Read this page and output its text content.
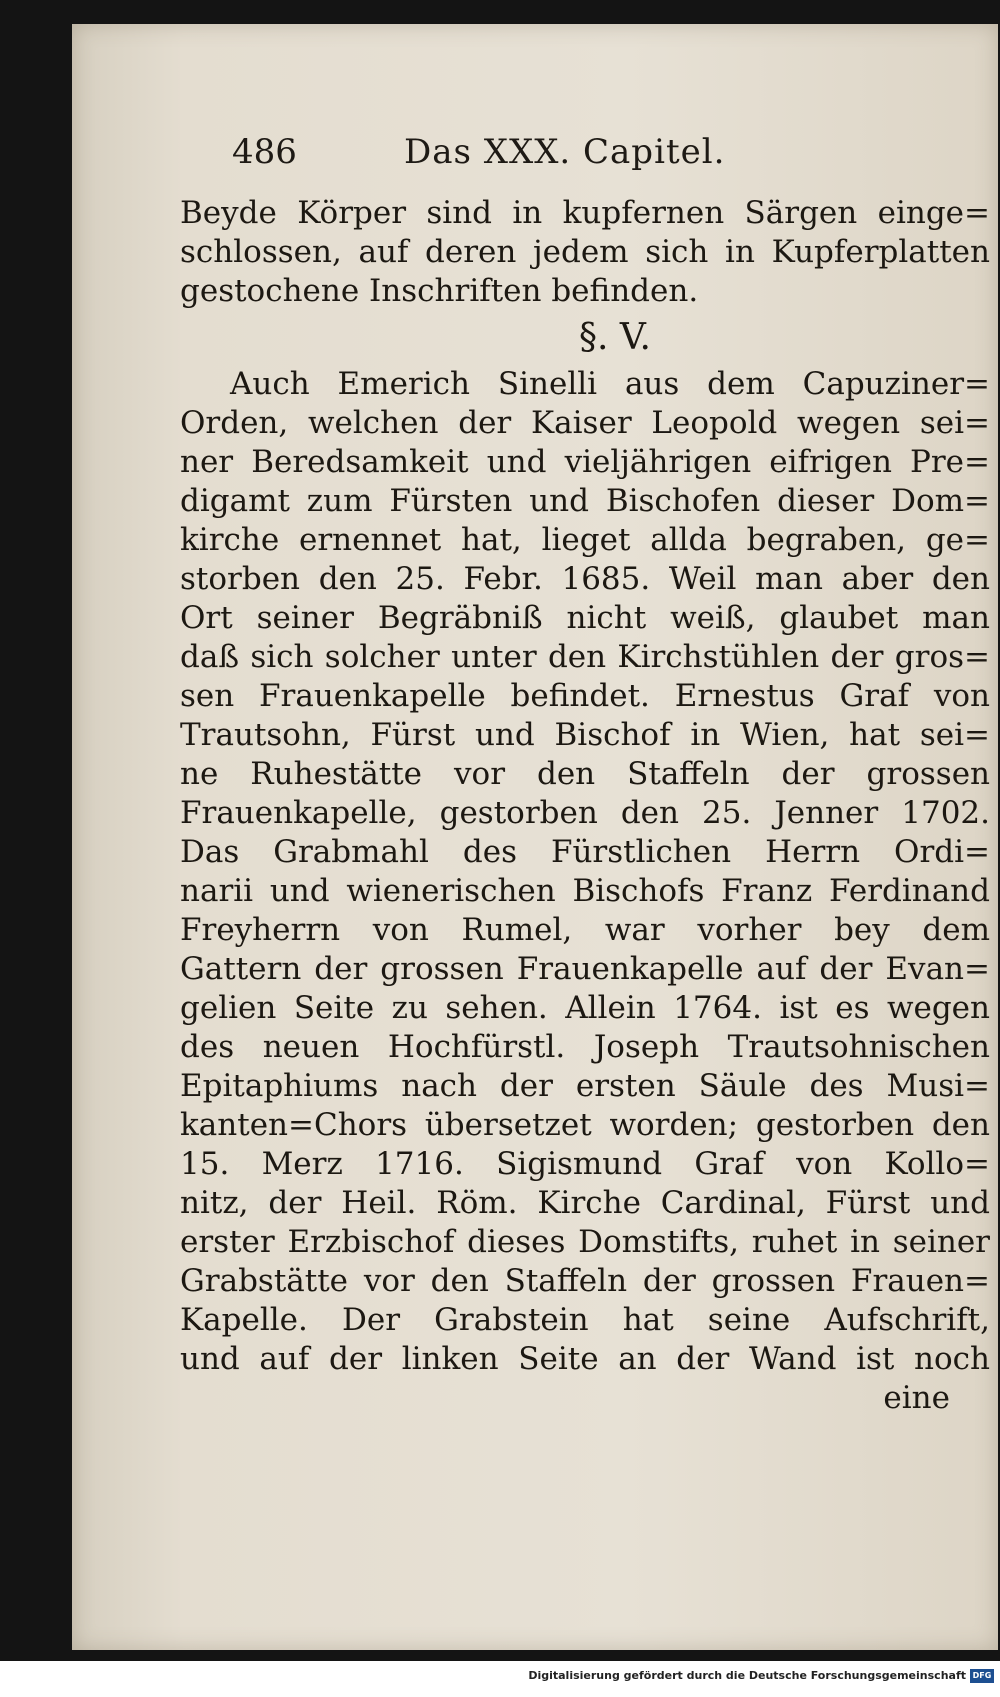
486	Das XXX. Capitel.
Beyde Körper sind in kupfernen Särgen einge=
schlossen, auf deren jedem sich in Kupferplatten
gestochene Inschriften befinden.
§. V.
Auch Emerich Sinelli aus dem Capuziner=
Orden, welchen der Kaiser Leopold wegen sei=
ner Beredsamkeit und vieljährigen eifrigen Pre=
digamt zum Fürsten und Bischofen dieser Dom=
kirche ernennet hat, lieget allda begraben, ge=
storben den 25. Febr. 1685. Weil man aber den
Ort seiner Begräbniß nicht weiß, glaubet man
daß sich solcher unter den Kirchstühlen der gros=
sen Frauenkapelle befindet. Ernestus Graf von
Trautsohn, Fürst und Bischof in Wien, hat sei=
ne Ruhestätte vor den Staffeln der grossen
Frauenkapelle, gestorben den 25. Jenner 1702.
Das Grabmahl des Fürstlichen Herrn Ordi=
narii und wienerischen Bischofs Franz Ferdinand
Freyherrn von Rumel, war vorher bey dem
Gattern der grossen Frauenkapelle auf der Evan=
gelien Seite zu sehen. Allein 1764. ist es wegen
des neuen Hochfürstl. Joseph Trautsohnischen
Epitaphiums nach der ersten Säule des Musi=
kanten=Chors übersetzet worden; gestorben den
15. Merz 1716. Sigismund Graf von Kollo=
nitz, der Heil. Röm. Kirche Cardinal, Fürst und
erster Erzbischof dieses Domstifts, ruhet in seiner
Grabstätte vor den Staffeln der grossen Frauen=
Kapelle. Der Grabstein hat seine Aufschrift,
und auf der linken Seite an der Wand ist noch
eine
Digitalisierung gefördert durch die Deutsche Forschungsgemeinschaft DFG
